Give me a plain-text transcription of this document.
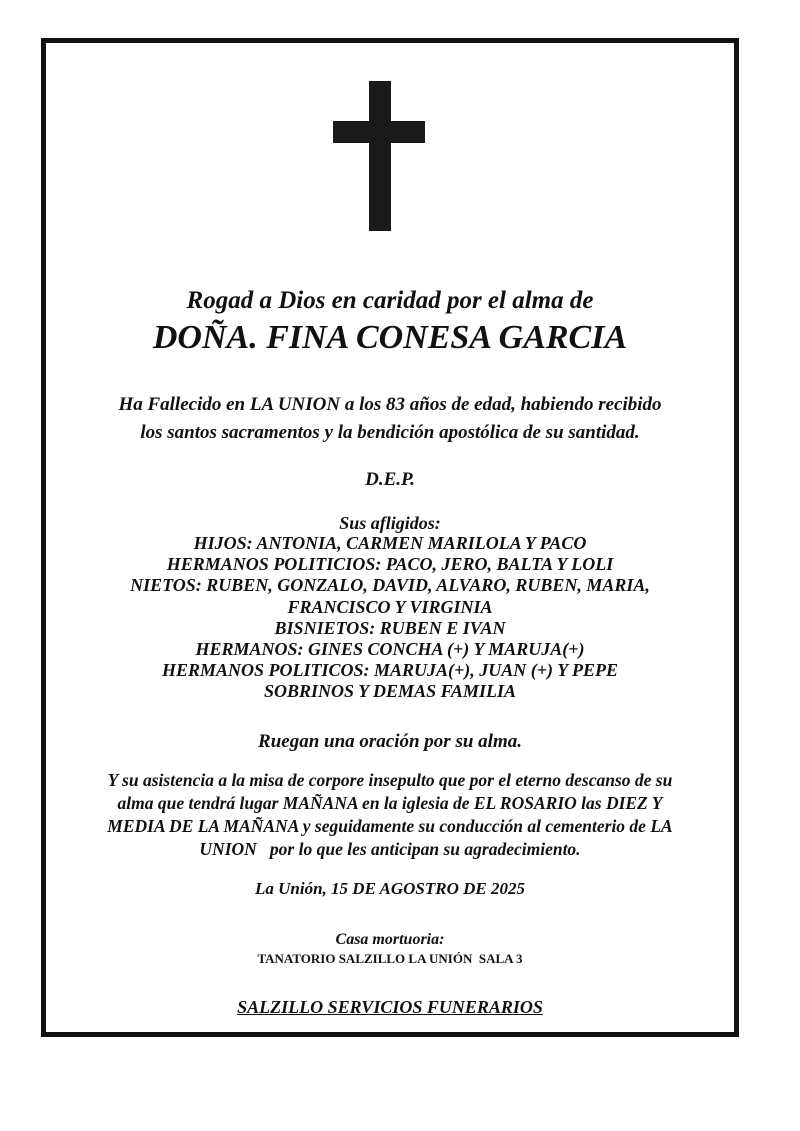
Rogad a Dios en caridad por el alma de
DOÑA. FINA CONESA GARCIA
Ha Fallecido en LA UNION a los 83 años de edad, habiendo recibido
los santos sacramentos y la bendición apostólica de su santidad.
D.E.P.
Sus afligidos:
HIJOS: ANTONIA, CARMEN MARILOLA Y PACO
HERMANOS POLITICIOS: PACO, JERO, BALTA Y LOLI
NIETOS: RUBEN, GONZALO, DAVID, ALVARO, RUBEN, MARIA,
FRANCISCO Y VIRGINIA
BISNIETOS: RUBEN E IVAN
HERMANOS: GINES CONCHA (+) Y MARUJA(+)
HERMANOS POLITICOS: MARUJA(+), JUAN (+) Y PEPE
SOBRINOS Y DEMAS FAMILIA
Ruegan una oración por su alma.
Y su asistencia a la misa de corpore insepulto que por el eterno descanso de su
alma que tendrá lugar MAÑANA en la iglesia de EL ROSARIO las DIEZ Y
MEDIA DE LA MAÑANA y seguidamente su conducción al cementerio de LA
UNION   por lo que les anticipan su agradecimiento.
La Unión, 15 DE AGOSTRO DE 2025
Casa mortuoria:
TANATORIO SALZILLO LA UNIÓN  SALA 3
SALZILLO SERVICIOS FUNERARIOS
